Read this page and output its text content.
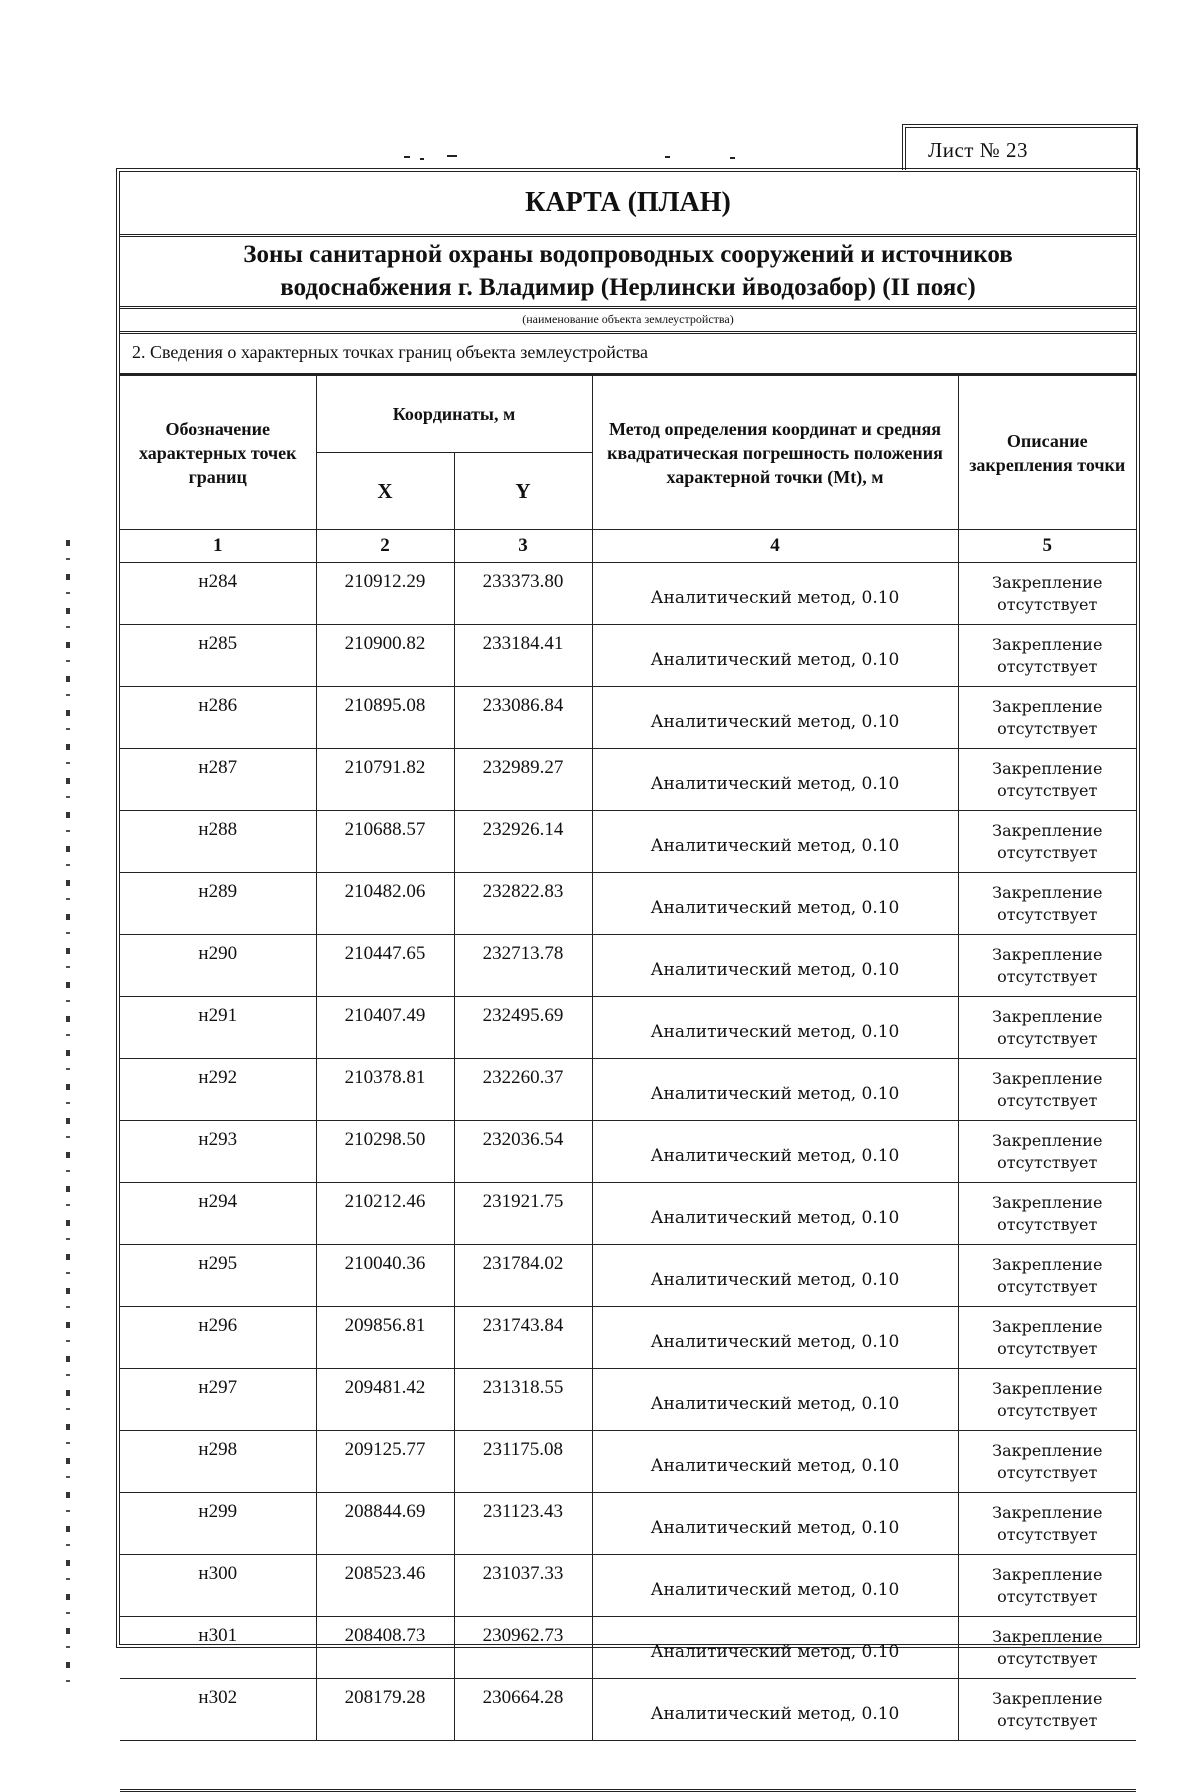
Лист № 23
КАРТА (ПЛАН)
Зоны санитарной охраны водопроводных сооружений и источников
водоснабжения г. Владимир (Нерлински йводозабор) (II пояс)
(наименование объекта землеустройства)
2. Сведения о характерных точках границ объекта землеустройства
Обозначение характерных точек границ	Координаты, м		Метод определения координат и средняя квадратическая погрешность положения характерной точки (Mt), м	Описание закрепления точки
	X	Y		
1	2	3	4	5
н284	210912.29	233373.80	Аналитический метод, 0.10	Закрепление
отсутствует

н285	210900.82	233184.41	Аналитический метод, 0.10	Закрепление
отсутствует

н286	210895.08	233086.84	Аналитический метод, 0.10	Закрепление
отсутствует

н287	210791.82	232989.27	Аналитический метод, 0.10	Закрепление
отсутствует

н288	210688.57	232926.14	Аналитический метод, 0.10	Закрепление
отсутствует

н289	210482.06	232822.83	Аналитический метод, 0.10	Закрепление
отсутствует

н290	210447.65	232713.78	Аналитический метод, 0.10	Закрепление
отсутствует

н291	210407.49	232495.69	Аналитический метод, 0.10	Закрепление
отсутствует

н292	210378.81	232260.37	Аналитический метод, 0.10	Закрепление
отсутствует

н293	210298.50	232036.54	Аналитический метод, 0.10	Закрепление
отсутствует

н294	210212.46	231921.75	Аналитический метод, 0.10	Закрепление
отсутствует

н295	210040.36	231784.02	Аналитический метод, 0.10	Закрепление
отсутствует

н296	209856.81	231743.84	Аналитический метод, 0.10	Закрепление
отсутствует

н297	209481.42	231318.55	Аналитический метод, 0.10	Закрепление
отсутствует

н298	209125.77	231175.08	Аналитический метод, 0.10	Закрепление
отсутствует

н299	208844.69	231123.43	Аналитический метод, 0.10	Закрепление
отсутствует

н300	208523.46	231037.33	Аналитический метод, 0.10	Закрепление
отсутствует

н301	208408.73	230962.73	Аналитический метод, 0.10	Закрепление
отсутствует

н302	208179.28	230664.28	Аналитический метод, 0.10	Закрепление
отсутствует
